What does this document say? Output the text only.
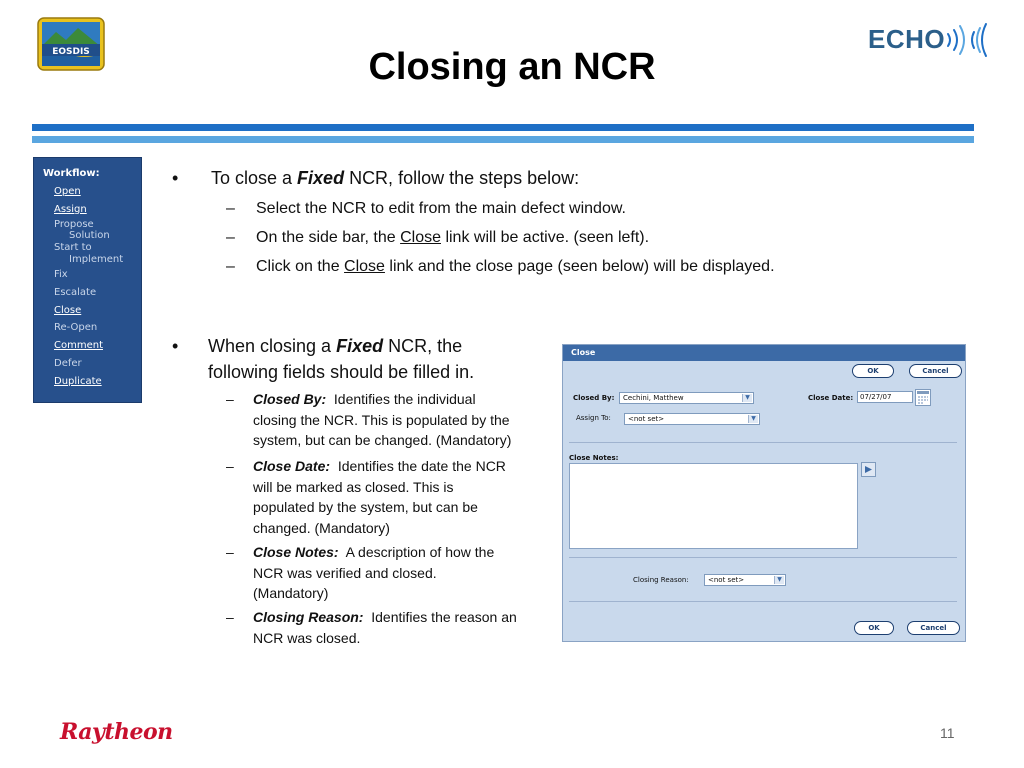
EOSDIS	ECHO
Closing an NCR
Workflow:
Open
Assign
Propose
Solution
Start to
Implement
Fix
Escalate
Close
Re-Open
Comment
Defer
Duplicate
• To close a Fixed NCR, follow the steps below:
– Select the NCR to edit from the main defect window.
– On the side bar, the Close link will be active. (seen left).
– Click on the Close link and the close page (seen below) will be displayed.
• When closing a Fixed NCR, the
following fields should be filled in.
– Closed By: Identifies the individual
closing the NCR. This is populated by the
system, but can be changed. (Mandatory)
– Close Date: Identifies the date the NCR
will be marked as closed. This is
populated by the system, but can be
changed. (Mandatory)
– Close Notes: A description of how the
NCR was verified and closed.
(Mandatory)
– Closing Reason: Identifies the reason an
NCR was closed.
Close
OK	Cancel
Closed By:	Cechini, Matthew	▼	Close Date: 07/27/07
Assign To:	<not set>	▼
Close Notes:
Closing Reason:	<not set>	▼
OK	Cancel
Raytheon	11
